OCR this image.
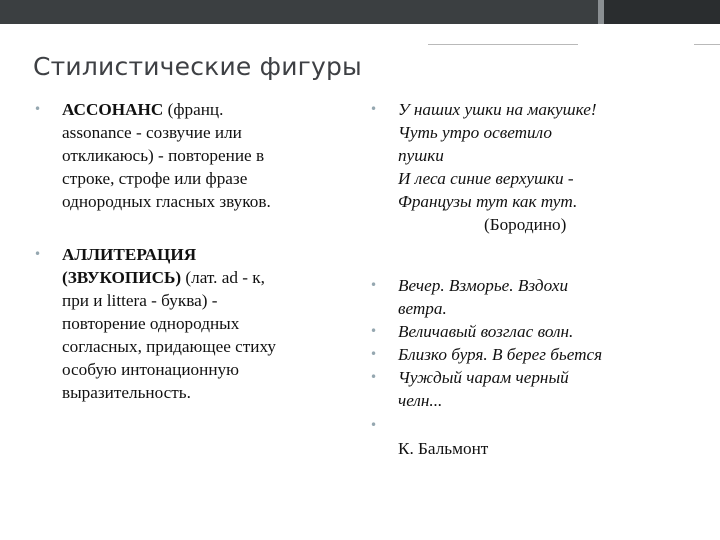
Стилистические фигуры
• АССОНАНС (франц.
assonance - созвучие или
откликаюсь) - повторение в
строке, строфе или фразе
однородных гласных звуков.
• АЛЛИТЕРАЦИЯ
(ЗВУКОПИСЬ) (лат. ad - к,
при и littera - буква) -
повторение однородных
согласных, придающее стиху
особую интонационную
выразительность.
• У наших ушки на макушке!
Чуть утро осветило
пушки
И леса синие верхушки -
Французы тут как тут.
(Бородино)
• Вечер. Взморье. Вздохи
ветра.
• Величавый возглас волн.
• Близко буря. В берег бьется
• Чуждый чарам черный
челн...
•
К. Бальмонт
